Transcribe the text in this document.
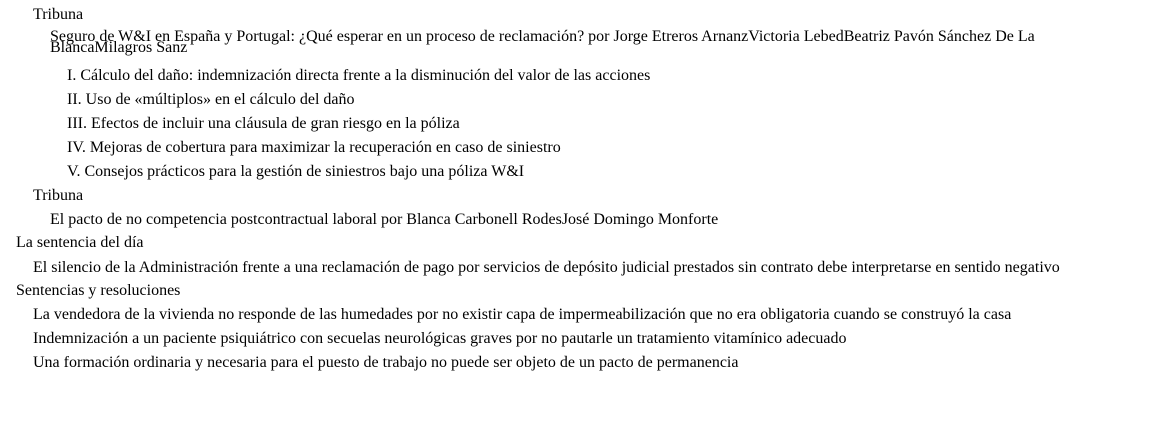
Tribuna
Seguro de W&I en España y Portugal: ¿Qué esperar en un proceso de reclamación? por Jorge Etreros ArnanzVictoria LebedBeatriz Pavón Sánchez De La BlancaMilagros Sanz
I. Cálculo del daño: indemnización directa frente a la disminución del valor de las acciones
II. Uso de «múltiplos» en el cálculo del daño
III. Efectos de incluir una cláusula de gran riesgo en la póliza
IV. Mejoras de cobertura para maximizar la recuperación en caso de siniestro
V. Consejos prácticos para la gestión de siniestros bajo una póliza W&I
Tribuna
El pacto de no competencia postcontractual laboral por Blanca Carbonell RodesJosé Domingo Monforte
La sentencia del día
El silencio de la Administración frente a una reclamación de pago por servicios de depósito judicial prestados sin contrato debe interpretarse en sentido negativo
Sentencias y resoluciones
La vendedora de la vivienda no responde de las humedades por no existir capa de impermeabilización que no era obligatoria cuando se construyó la casa
Indemnización a un paciente psiquiátrico con secuelas neurológicas graves por no pautarle un tratamiento vitamínico adecuado
Una formación ordinaria y necesaria para el puesto de trabajo no puede ser objeto de un pacto de permanencia
